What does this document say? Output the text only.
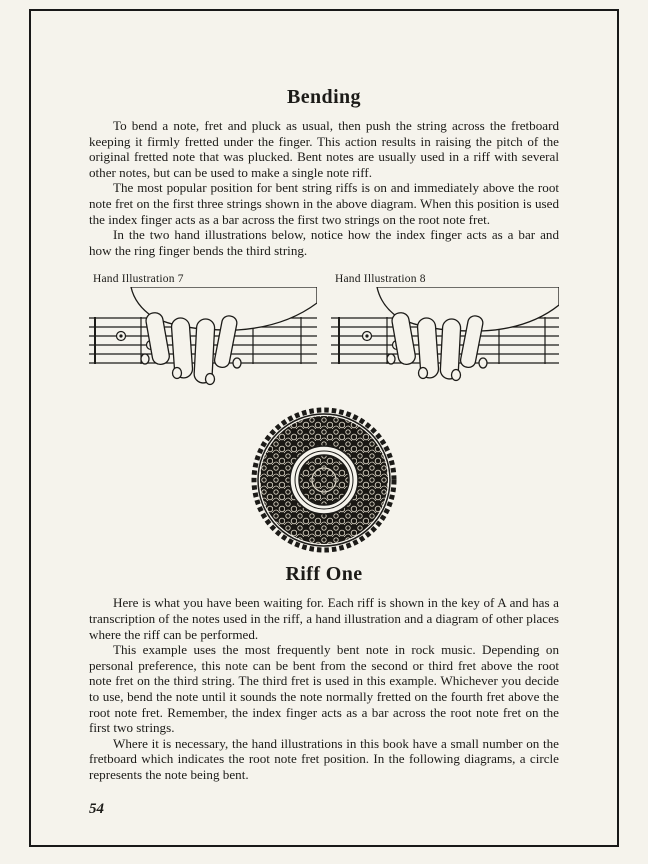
Bending

To bend a note, fret and pluck as usual, then push the string across the fretboard keeping it firmly fretted under the finger. This action results in raising the pitch of the original fretted note that was plucked. Bent notes are usually used in a riff with several other notes, but can be used to make a single note riff.

The most popular position for bent string riffs is on and immediately above the root note fret on the first three strings shown in the above diagram. When this position is used the index finger acts as a bar across the first two strings on the root note fret.

In the two hand illustrations below, notice how the index finger acts as a bar and how the ring finger bends the third string.

Hand Illustration 7	Hand Illustration 8
Riff One

Here is what you have been waiting for. Each riff is shown in the key of A and has a transcription of the notes used in the riff, a hand illustration and a diagram of other places where the riff can be performed.

This example uses the most frequently bent note in rock music. Depending on personal preference, this note can be bent from the second or third fret above the root note fret on the third string. The third fret is used in this example. Whichever you decide to use, bend the note until it sounds the note normally fretted on the fourth fret above the root note fret. Remember, the index finger acts as a bar across the root note fret on the first two strings.

Where it is necessary, the hand illustrations in this book have a small number on the fretboard which indicates the root note fret position. In the following diagrams, a circle represents the note being bent.

54
